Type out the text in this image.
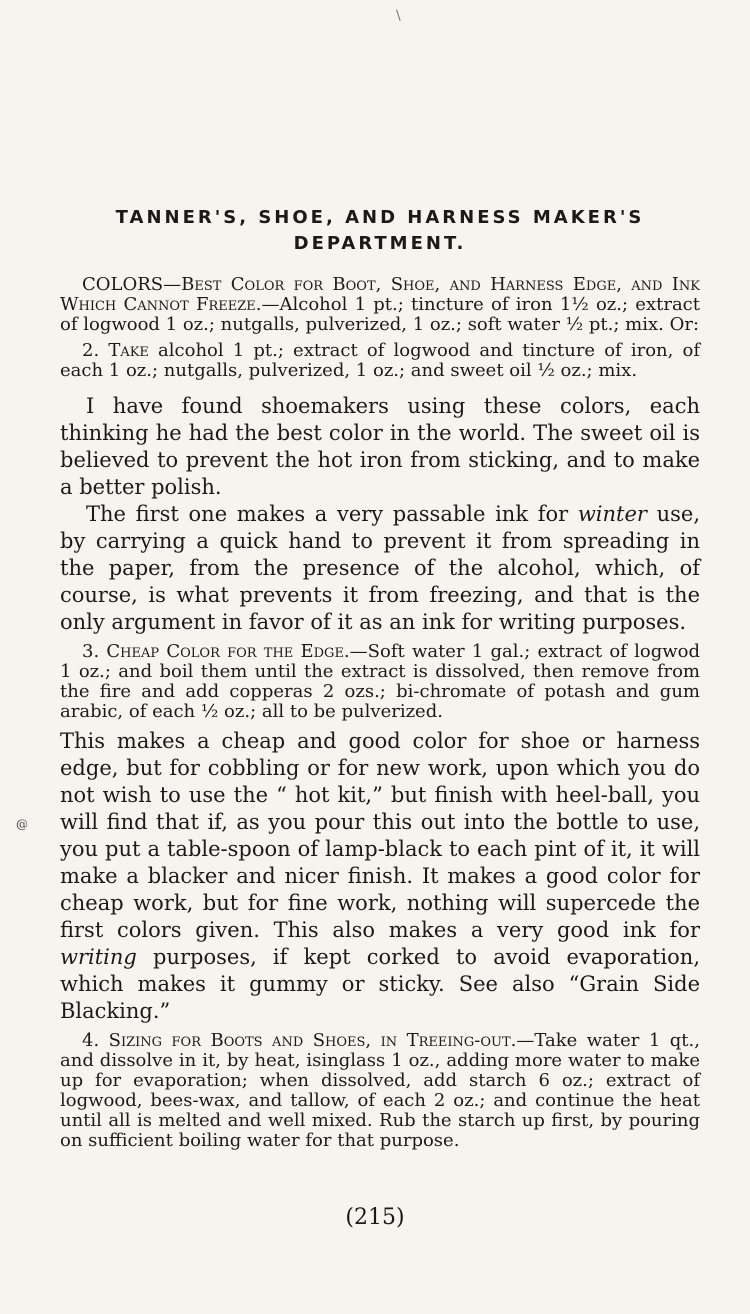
\
@
TANNER'S, SHOE, AND HARNESS MAKER'S
DEPARTMENT.

COLORS—Best Color for Boot, Shoe, and Harness Edge, and Ink Which Cannot Freeze.—Alcohol 1 pt.; tincture of iron 1½ oz.; extract of logwood 1 oz.; nutgalls, pulverized, 1 oz.; soft water ½ pt.; mix. Or:

2. Take alcohol 1 pt.; extract of logwood and tincture of iron, of each 1 oz.; nutgalls, pulverized, 1 oz.; and sweet oil ½ oz.; mix.

I have found shoemakers using these colors, each thinking he had the best color in the world. The sweet oil is believed to prevent the hot iron from sticking, and to make a better polish.

The first one makes a very passable ink for winter use, by carrying a quick hand to prevent it from spreading in the paper, from the presence of the alcohol, which, of course, is what prevents it from freezing, and that is the only argument in favor of it as an ink for writing purposes.

3. Cheap Color for the Edge.—Soft water 1 gal.; extract of logwod 1 oz.; and boil them until the extract is dissolved, then remove from the fire and add copperas 2 ozs.; bi-chromate of potash and gum arabic, of each ½ oz.; all to be pulverized.

This makes a cheap and good color for shoe or harness edge, but for cobbling or for new work, upon which you do not wish to use the “ hot kit,” but finish with heel-ball, you will find that if, as you pour this out into the bottle to use, you put a table-spoon of lamp-black to each pint of it, it will make a blacker and nicer finish. It makes a good color for cheap work, but for fine work, nothing will supercede the first colors given. This also makes a very good ink for writing purposes, if kept corked to avoid evaporation, which makes it gummy or sticky. See also “Grain Side Blacking.”

4. Sizing for Boots and Shoes, in Treeing-out.—Take water 1 qt., and dissolve in it, by heat, isinglass 1 oz., adding more water to make up for evaporation; when dissolved, add starch 6 oz.; extract of logwood, bees-wax, and tallow, of each 2 oz.; and continue the heat until all is melted and well mixed. Rub the starch up first, by pouring on sufficient boiling water for that purpose.

(215)
